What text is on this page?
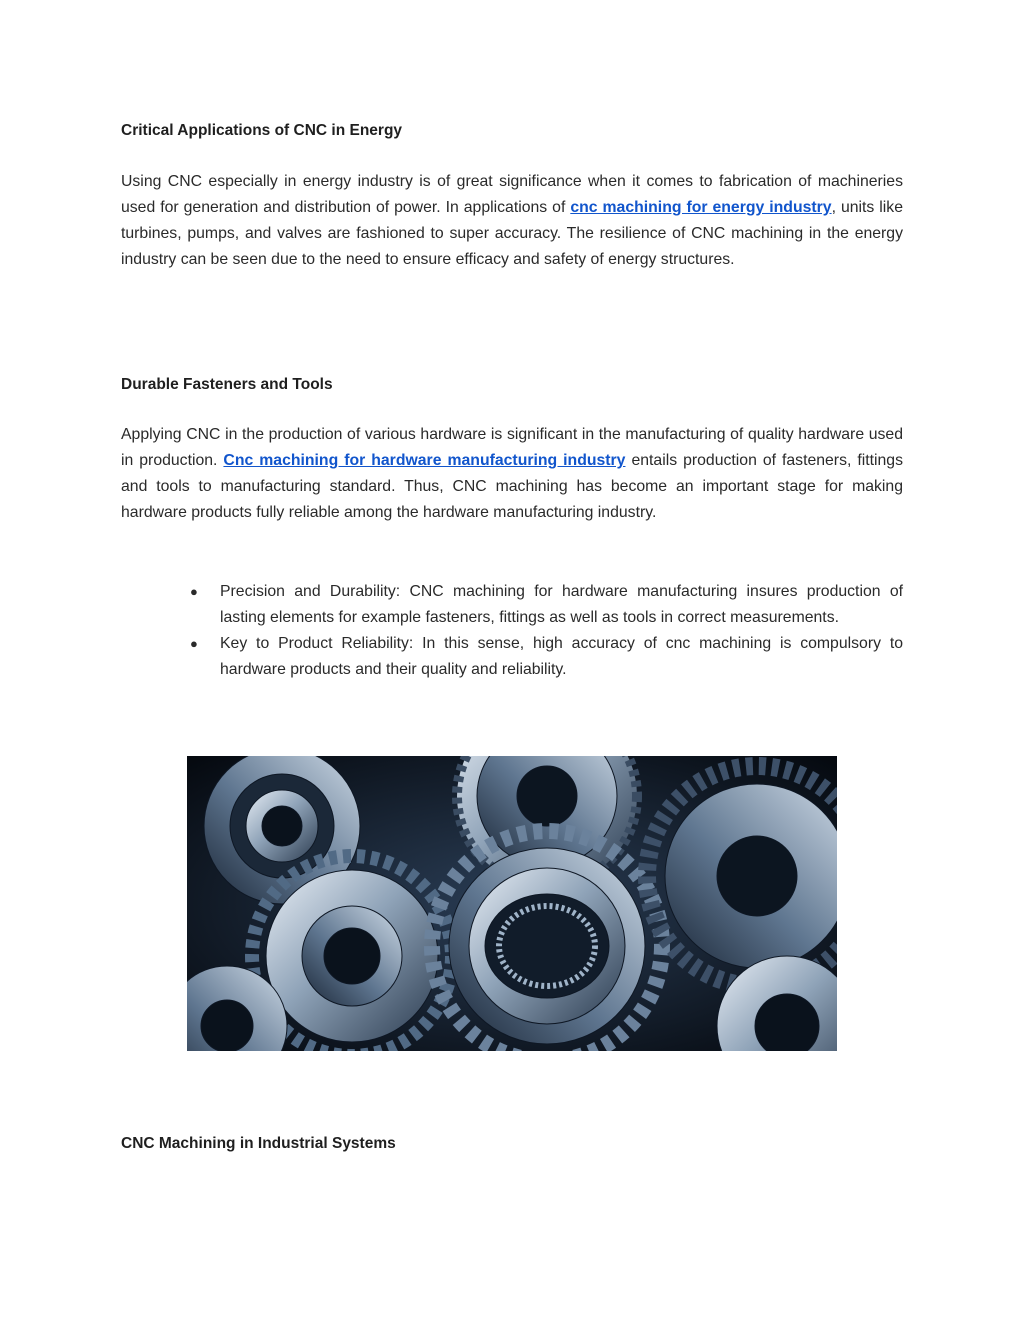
Critical Applications of CNC in Energy

Using CNC especially in energy industry is of great significance when it comes to fabrication of machineries used for generation and distribution of power. In applications of cnc machining for energy industry, units like turbines, pumps, and valves are fashioned to super accuracy. The resilience of CNC machining in the energy industry can be seen due to the need to ensure efficacy and safety of energy structures.

Durable Fasteners and Tools

Applying CNC in the production of various hardware is significant in the manufacturing of quality hardware used in production. Cnc machining for hardware manufacturing industry entails production of fasteners, fittings and tools to manufacturing standard. Thus, CNC machining has become an important stage for making hardware products fully reliable among the hardware manufacturing industry.

● Precision and Durability: CNC machining for hardware manufacturing insures production of lasting elements for example fasteners, fittings as well as tools in correct measurements.
● Key to Product Reliability: In this sense, high accuracy of cnc machining is compulsory to hardware products and their quality and reliability.
CNC Machining in Industrial Systems
